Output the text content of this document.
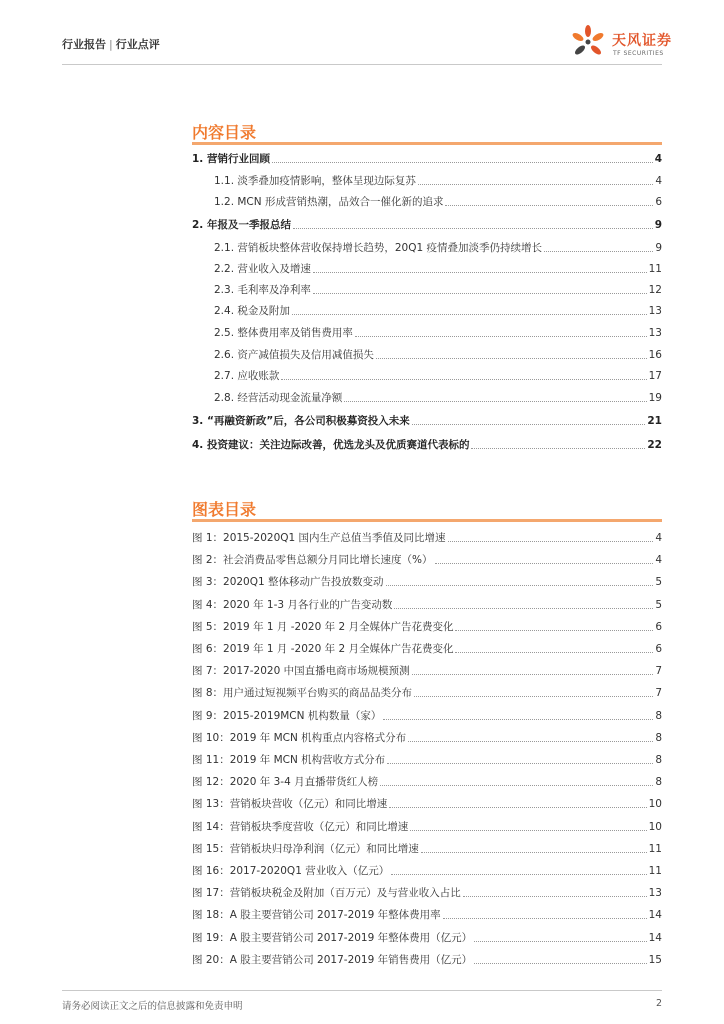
行业报告 | 行业点评	天风证券
TF SECURITIES
内容目录
1. 营销行业回顾	4
1.1. 淡季叠加疫情影响，整体呈现边际复苏	4
1.2. MCN 形成营销热潮，品效合一催化新的追求	6
2. 年报及一季报总结	9
2.1. 营销板块整体营收保持增长趋势，20Q1 疫情叠加淡季仍持续增长	9
2.2. 营业收入及增速	11
2.3. 毛利率及净利率	12
2.4. 税金及附加	13
2.5. 整体费用率及销售费用率	13
2.6. 资产减值损失及信用减值损失	16
2.7. 应收账款	17
2.8. 经营活动现金流量净额	19
3. “再融资新政”后，各公司积极募资投入未来	21
4. 投资建议：关注边际改善，优选龙头及优质赛道代表标的	22
图表目录
图 1：2015-2020Q1 国内生产总值当季值及同比增速	4
图 2：社会消费品零售总额分月同比增长速度（%）	4
图 3：2020Q1 整体移动广告投放数变动	5
图 4：2020 年 1-3 月各行业的广告变动数	5
图 5：2019 年 1 月 -2020 年 2 月全媒体广告花费变化	6
图 6：2019 年 1 月 -2020 年 2 月全媒体广告花费变化	6
图 7：2017-2020 中国直播电商市场规模预测	7
图 8：用户通过短视频平台购买的商品品类分布	7
图 9：2015-2019MCN 机构数量（家）	8
图 10：2019 年 MCN 机构重点内容格式分布	8
图 11：2019 年 MCN 机构营收方式分布	8
图 12：2020 年 3-4 月直播带货红人榜	8
图 13：营销板块营收（亿元）和同比增速	10
图 14：营销板块季度营收（亿元）和同比增速	10
图 15：营销板块归母净利润（亿元）和同比增速	11
图 16：2017-2020Q1 营业收入（亿元）	11
图 17：营销板块税金及附加（百万元）及与营业收入占比	13
图 18：A 股主要营销公司 2017-2019 年整体费用率	14
图 19：A 股主要营销公司 2017-2019 年整体费用（亿元）	14
图 20：A 股主要营销公司 2017-2019 年销售费用（亿元）	15
请务必阅读正文之后的信息披露和免责申明	2
